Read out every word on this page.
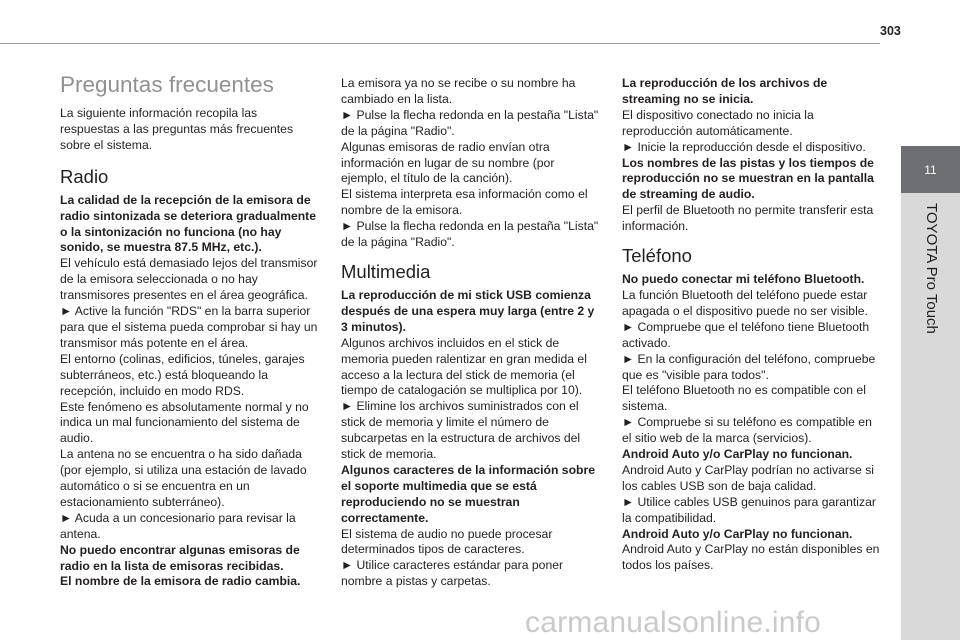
303
11
TOYOTA Pro Touch
Preguntas frecuentes

La siguiente información recopila las respuestas a las preguntas más frecuentes sobre el sistema.

Radio

La calidad de la recepción de la emisora de radio sintonizada se deteriora gradualmente o la sintonización no funciona (no hay sonido, se muestra 87.5 MHz, etc.).

El vehículo está demasiado lejos del transmisor de la emisora seleccionada o no hay transmisores presentes en el área geográfica.

► Active la función "RDS" en la barra superior para que el sistema pueda comprobar si hay un transmisor más potente en el área.

El entorno (colinas, edificios, túneles, garajes subterráneos, etc.) está bloqueando la recepción, incluido en modo RDS.

Este fenómeno es absolutamente normal y no indica un mal funcionamiento del sistema de audio.

La antena no se encuentra o ha sido dañada (por ejemplo, si utiliza una estación de lavado automático o si se encuentra en un estacionamiento subterráneo).

► Acuda a un concesionario para revisar la antena.

No puedo encontrar algunas emisoras de radio en la lista de emisoras recibidas.

El nombre de la emisora de radio cambia.

La emisora ya no se recibe o su nombre ha cambiado en la lista.

► Pulse la flecha redonda en la pestaña "Lista" de la página "Radio".

Algunas emisoras de radio envían otra información en lugar de su nombre (por ejemplo, el título de la canción).

El sistema interpreta esa información como el nombre de la emisora.

► Pulse la flecha redonda en la pestaña "Lista" de la página "Radio".

Multimedia

La reproducción de mi stick USB comienza después de una espera muy larga (entre 2 y 3 minutos).

Algunos archivos incluidos en el stick de memoria pueden ralentizar en gran medida el acceso a la lectura del stick de memoria (el tiempo de catalogación se multiplica por 10).

► Elimine los archivos suministrados con el stick de memoria y limite el número de subcarpetas en la estructura de archivos del stick de memoria.

Algunos caracteres de la información sobre el soporte multimedia que se está reproduciendo no se muestran correctamente.

El sistema de audio no puede procesar determinados tipos de caracteres.

► Utilice caracteres estándar para poner nombre a pistas y carpetas.

La reproducción de los archivos de streaming no se inicia.

El dispositivo conectado no inicia la reproducción automáticamente.

► Inicie la reproducción desde el dispositivo.

Los nombres de las pistas y los tiempos de reproducción no se muestran en la pantalla de streaming de audio.

El perfil de Bluetooth no permite transferir esta información.

Teléfono

No puedo conectar mi teléfono Bluetooth.

La función Bluetooth del teléfono puede estar apagada o el dispositivo puede no ser visible.

► Compruebe que el teléfono tiene Bluetooth activado.

► En la configuración del teléfono, compruebe que es "visible para todos".

El teléfono Bluetooth no es compatible con el sistema.

► Compruebe si su teléfono es compatible en el sitio web de la marca (servicios).

Android Auto y/o CarPlay no funcionan.

Android Auto y CarPlay podrían no activarse si los cables USB son de baja calidad.

► Utilice cables USB genuinos para garantizar la compatibilidad.

Android Auto y/o CarPlay no funcionan.

Android Auto y CarPlay no están disponibles en todos los países.

carmanualsonline.info
